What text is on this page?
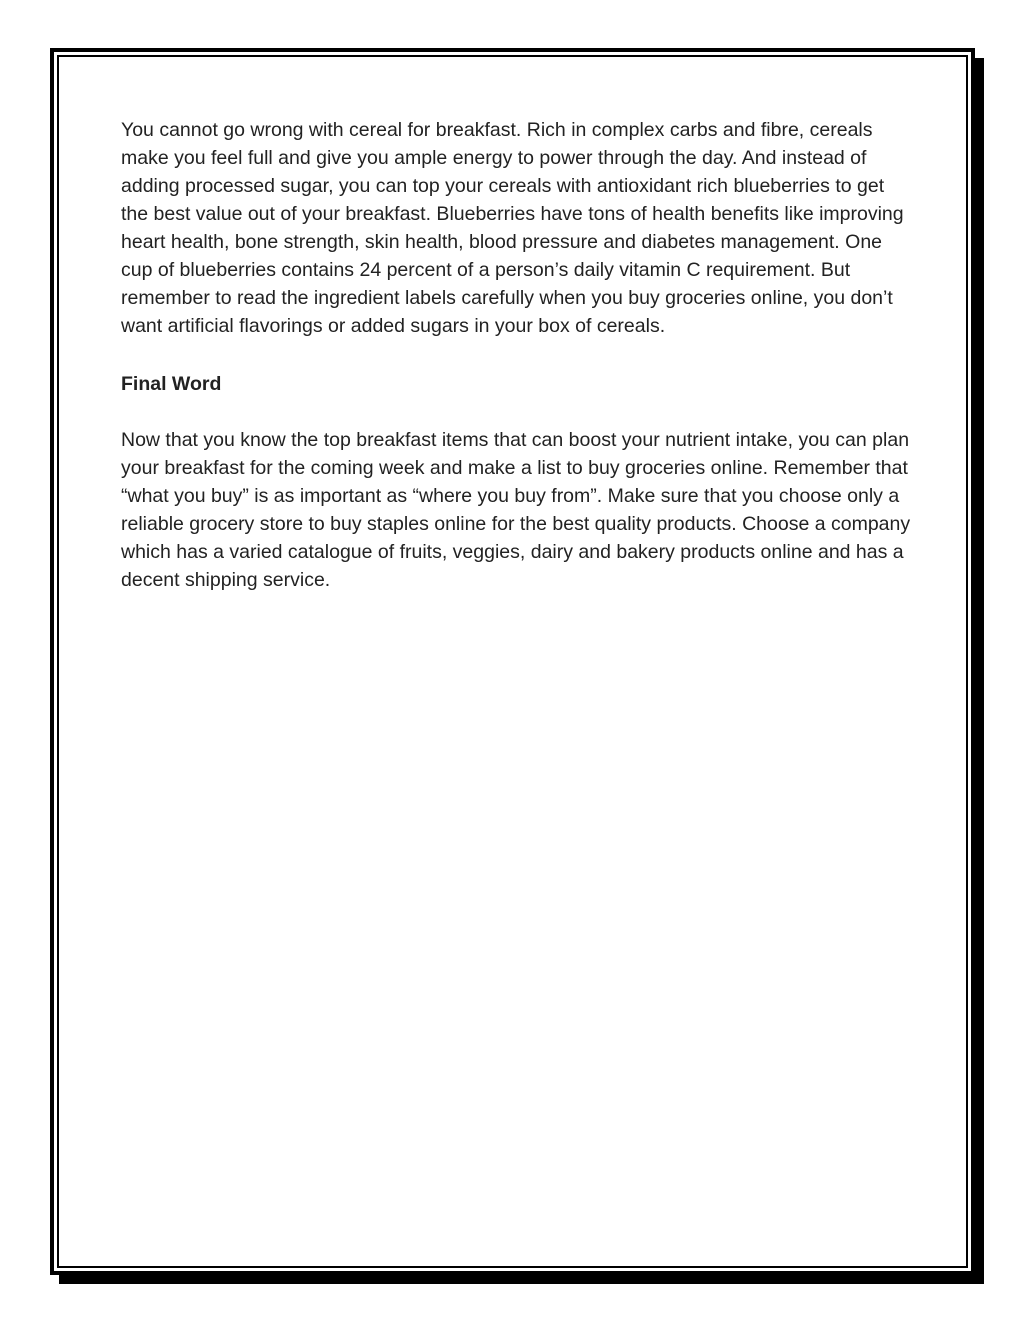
You cannot go wrong with cereal for breakfast. Rich in complex carbs and fibre, cereals make you feel full and give you ample energy to power through the day. And instead of adding processed sugar, you can top your cereals with antioxidant rich blueberries to get the best value out of your breakfast. Blueberries have tons of health benefits like improving heart health, bone strength, skin health, blood pressure and diabetes management. One cup of blueberries contains 24 percent of a person’s daily vitamin C requirement. But remember to read the ingredient labels carefully when you buy groceries online, you don’t want artificial flavorings or added sugars in your box of cereals.

Final Word

Now that you know the top breakfast items that can boost your nutrient intake, you can plan your breakfast for the coming week and make a list to buy groceries online. Remember that “what you buy” is as important as “where you buy from”. Make sure that you choose only a reliable grocery store to buy staples online for the best quality products. Choose a company which has a varied catalogue of fruits, veggies, dairy and bakery products online and has a decent shipping service.
